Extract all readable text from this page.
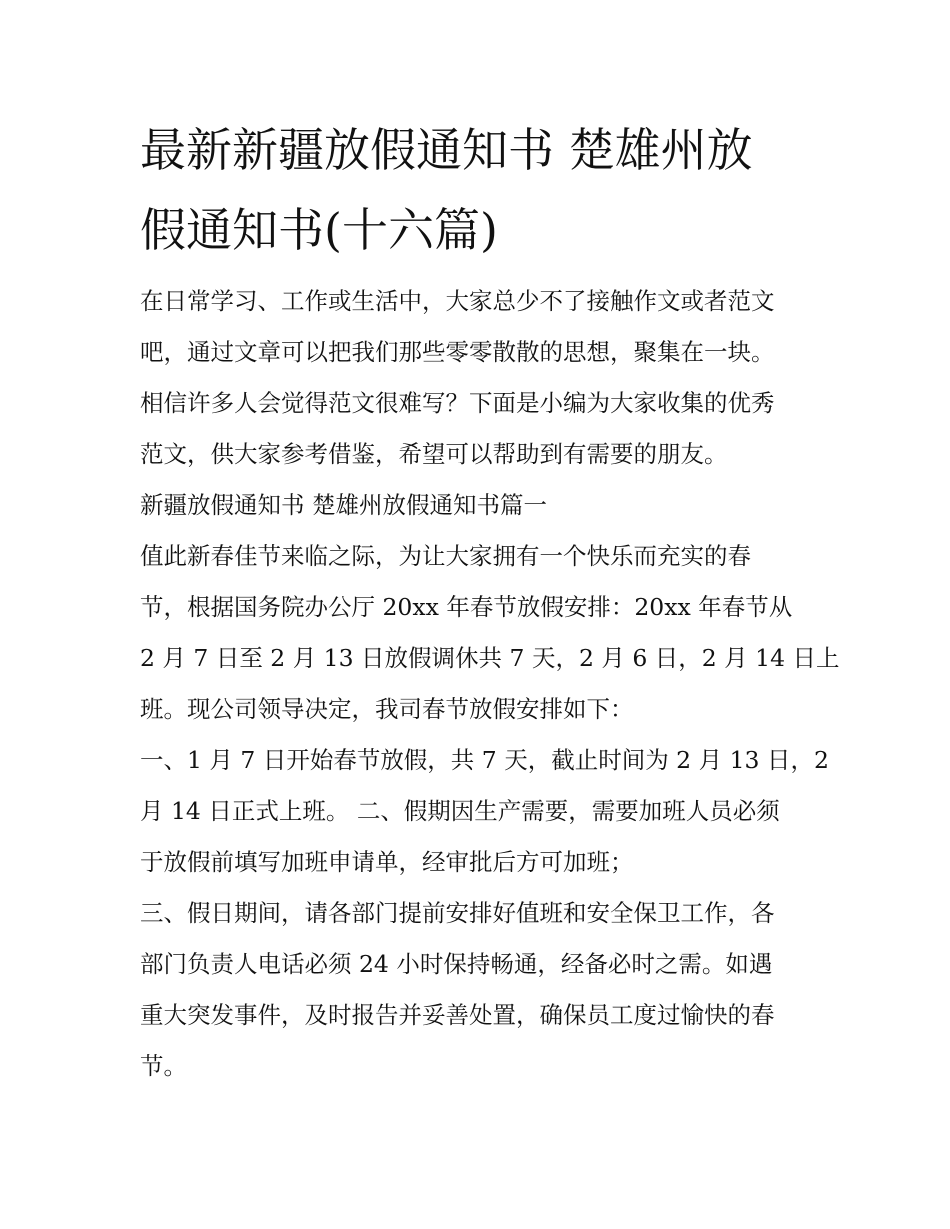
最新新疆放假通知书 楚雄州放
假通知书(十六篇)
在日常学习、工作或生活中，大家总少不了接触作文或者范文
吧，通过文章可以把我们那些零零散散的思想，聚集在一块。
相信许多人会觉得范文很难写？下面是小编为大家收集的优秀
范文，供大家参考借鉴，希望可以帮助到有需要的朋友。
新疆放假通知书 楚雄州放假通知书篇一
值此新春佳节来临之际，为让大家拥有一个快乐而充实的春
节，根据国务院办公厅 20xx 年春节放假安排：20xx 年春节从
2 月 7 日至 2 月 13 日放假调休共 7 天，2 月 6 日，2 月 14 日上
班。现公司领导决定，我司春节放假安排如下：
一、1 月 7 日开始春节放假，共 7 天，截止时间为 2 月 13 日，2
月 14 日正式上班。 二、假期因生产需要，需要加班人员必须
于放假前填写加班申请单，经审批后方可加班；
三、假日期间，请各部门提前安排好值班和安全保卫工作，各
部门负责人电话必须 24 小时保持畅通，经备必时之需。如遇
重大突发事件，及时报告并妥善处置，确保员工度过愉快的春
节。
